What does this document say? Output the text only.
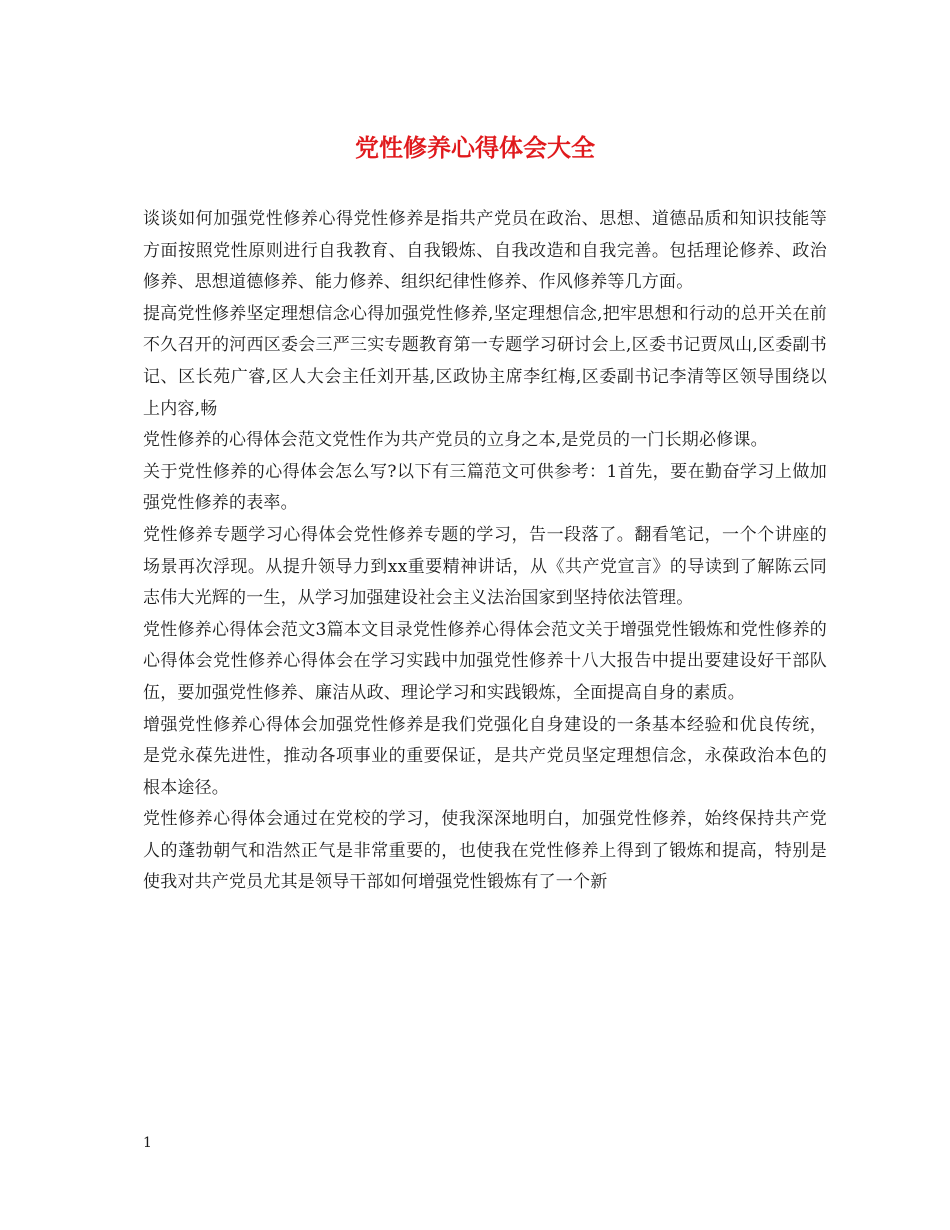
党性修养心得体会大全

谈谈如何加强党性修养心得党性修养是指共产党员在政治、思想、道德品质和知识技能等方面按照党性原则进行自我教育、自我锻炼、自我改造和自我完善。包括理论修养、政治修养、思想道德修养、能力修养、组织纪律性修养、作风修养等几方面。

提高党性修养坚定理想信念心得加强党性修养,坚定理想信念,把牢思想和行动的总开关在前不久召开的河西区委会三严三实专题教育第一专题学习研讨会上,区委书记贾凤山,区委副书记、区长苑广睿,区人大会主任刘开基,区政协主席李红梅,区委副书记李清等区领导围绕以上内容,畅

党性修养的心得体会范文党性作为共产党员的立身之本,是党员的一门长期必修课。

关于党性修养的心得体会怎么写?以下有三篇范文可供参考：1首先，要在勤奋学习上做加强党性修养的表率。

党性修养专题学习心得体会党性修养专题的学习，告一段落了。翻看笔记，一个个讲座的场景再次浮现。从提升领导力到xx重要精神讲话，从《共产党宣言》的导读到了解陈云同志伟大光辉的一生，从学习加强建设社会主义法治国家到坚持依法管理。

党性修养心得体会范文3篇本文目录党性修养心得体会范文关于增强党性锻炼和党性修养的心得体会党性修养心得体会在学习实践中加强党性修养十八大报告中提出要建设好干部队伍，要加强党性修养、廉洁从政、理论学习和实践锻炼，全面提高自身的素质。

增强党性修养心得体会加强党性修养是我们党强化自身建设的一条基本经验和优良传统，是党永葆先进性，推动各项事业的重要保证，是共产党员坚定理想信念，永葆政治本色的根本途径。

党性修养心得体会通过在党校的学习，使我深深地明白，加强党性修养，始终保持共产党人的蓬勃朝气和浩然正气是非常重要的，也使我在党性修养上得到了锻炼和提高，特别是使我对共产党员尤其是领导干部如何增强党性锻炼有了一个新

1
